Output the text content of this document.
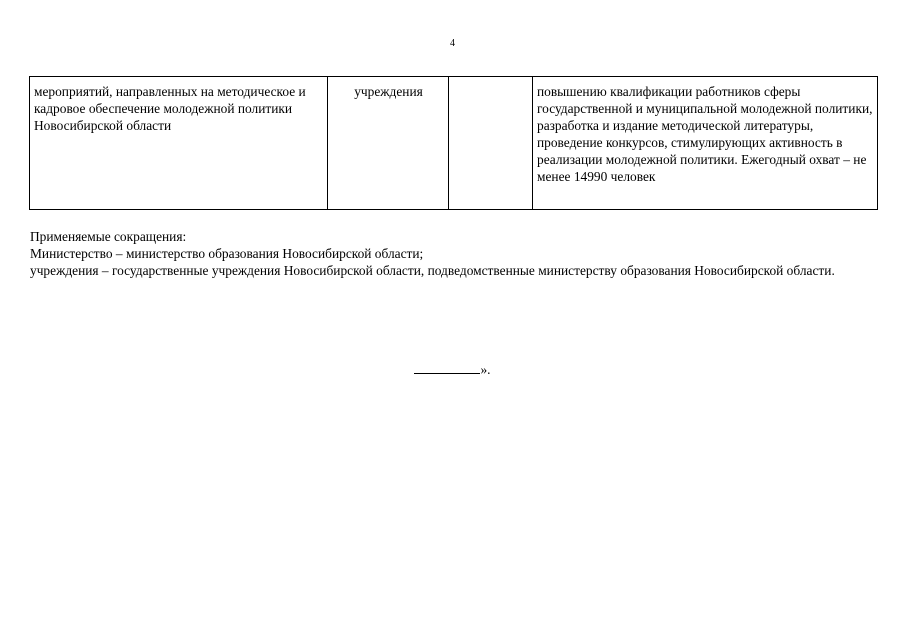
4
мероприятий, направленных на методическое и кадровое обеспечение молодежной политики Новосибирской области	учреждения		повышению квалификации работников сферы государственной и муниципальной молодежной политики, разработка и издание методической литературы, проведение конкурсов, стимулирующих активность в реализации молодежной политики. Ежегодный охват – не менее 14990 человек

Применяемые сокращения:

Министерство – министерство образования Новосибирской области;

учреждения – государственные учреждения Новосибирской области, подведомственные министерству образования Новосибирской области.

».
